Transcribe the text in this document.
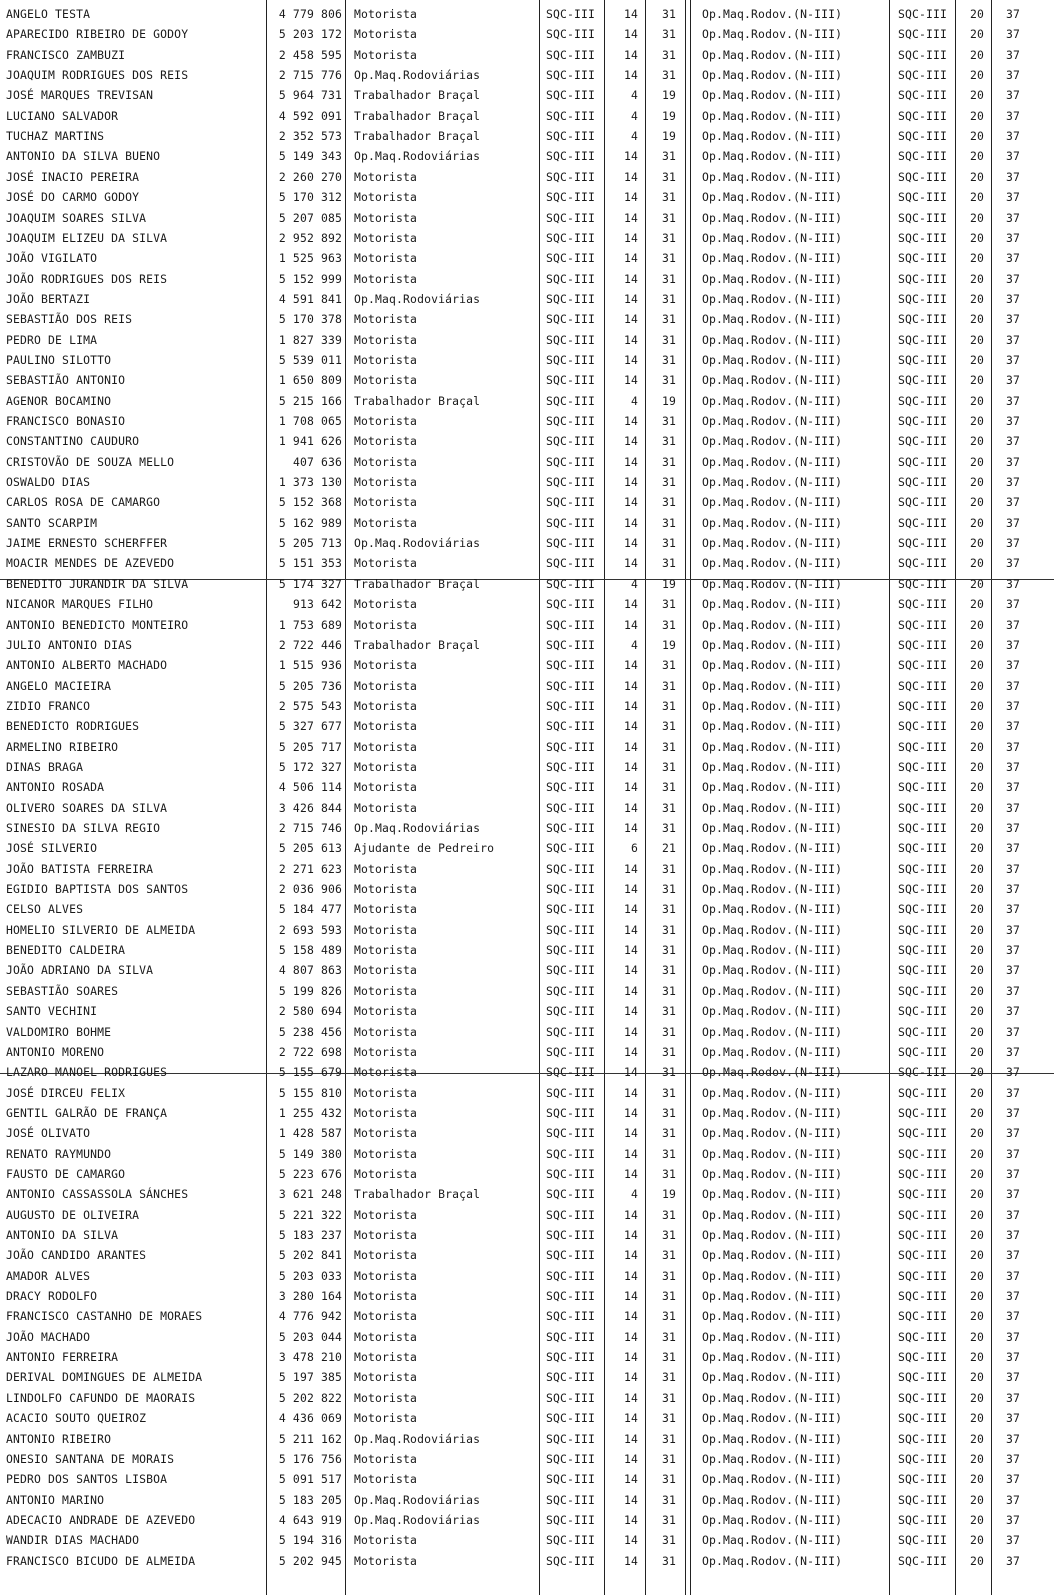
ANGELO TESTA	4 779 806 Motorista	SQC-III	14	31 Op.Maq.Rodov.(N-III)	SQC-III	20	37
APARECIDO RIBEIRO DE GODOY	5 203 172 Motorista	SQC-III	14	31 Op.Maq.Rodov.(N-III)	SQC-III	20	37
FRANCISCO ZAMBUZI	2 458 595 Motorista	SQC-III	14	31 Op.Maq.Rodov.(N-III)	SQC-III	20	37
JOAQUIM RODRIGUES DOS REIS	2 715 776 Op.Maq.Rodoviárias	SQC-III	14	31 Op.Maq.Rodov.(N-III)	SQC-III	20	37
JOSÉ MARQUES TREVISAN	5 964 731 Trabalhador Braçal	SQC-III	4	19 Op.Maq.Rodov.(N-III)	SQC-III	20	37
LUCIANO SALVADOR	4 592 091 Trabalhador Braçal	SQC-III	4	19 Op.Maq.Rodov.(N-III)	SQC-III	20	37
TUCHAZ MARTINS	2 352 573 Trabalhador Braçal	SQC-III	4	19 Op.Maq.Rodov.(N-III)	SQC-III	20	37
ANTONIO DA SILVA BUENO	5 149 343 Op.Maq.Rodoviárias	SQC-III	14	31 Op.Maq.Rodov.(N-III)	SQC-III	20	37
JOSÉ INACIO PEREIRA	2 260 270 Motorista	SQC-III	14	31 Op.Maq.Rodov.(N-III)	SQC-III	20	37
JOSÉ DO CARMO GODOY	5 170 312 Motorista	SQC-III	14	31 Op.Maq.Rodov.(N-III)	SQC-III	20	37
JOAQUIM SOARES SILVA	5 207 085 Motorista	SQC-III	14	31 Op.Maq.Rodov.(N-III)	SQC-III	20	37
JOAQUIM ELIZEU DA SILVA	2 952 892 Motorista	SQC-III	14	31 Op.Maq.Rodov.(N-III)	SQC-III	20	37
JOÃO VIGILATO	1 525 963 Motorista	SQC-III	14	31 Op.Maq.Rodov.(N-III)	SQC-III	20	37
JOÃO RODRIGUES DOS REIS	5 152 999 Motorista	SQC-III	14	31 Op.Maq.Rodov.(N-III)	SQC-III	20	37
JOÃO BERTAZI	4 591 841 Op.Maq.Rodoviárias	SQC-III	14	31 Op.Maq.Rodov.(N-III)	SQC-III	20	37
SEBASTIÃO DOS REIS	5 170 378 Motorista	SQC-III	14	31 Op.Maq.Rodov.(N-III)	SQC-III	20	37
PEDRO DE LIMA	1 827 339 Motorista	SQC-III	14	31 Op.Maq.Rodov.(N-III)	SQC-III	20	37
PAULINO SILOTTO	5 539 011 Motorista	SQC-III	14	31 Op.Maq.Rodov.(N-III)	SQC-III	20	37
SEBASTIÃO ANTONIO	1 650 809 Motorista	SQC-III	14	31 Op.Maq.Rodov.(N-III)	SQC-III	20	37
AGENOR BOCAMINO	5 215 166 Trabalhador Braçal	SQC-III	4	19 Op.Maq.Rodov.(N-III)	SQC-III	20	37
FRANCISCO BONASIO	1 708 065 Motorista	SQC-III	14	31 Op.Maq.Rodov.(N-III)	SQC-III	20	37
CONSTANTINO CAUDURO	1 941 626 Motorista	SQC-III	14	31 Op.Maq.Rodov.(N-III)	SQC-III	20	37
CRISTOVÃO DE SOUZA MELLO	407 636 Motorista	SQC-III	14	31 Op.Maq.Rodov.(N-III)	SQC-III	20	37
OSWALDO DIAS	1 373 130 Motorista	SQC-III	14	31 Op.Maq.Rodov.(N-III)	SQC-III	20	37
CARLOS ROSA DE CAMARGO	5 152 368 Motorista	SQC-III	14	31 Op.Maq.Rodov.(N-III)	SQC-III	20	37
SANTO SCARPIM	5 162 989 Motorista	SQC-III	14	31 Op.Maq.Rodov.(N-III)	SQC-III	20	37
JAIME ERNESTO SCHERFFER	5 205 713 Op.Maq.Rodoviárias	SQC-III	14	31 Op.Maq.Rodov.(N-III)	SQC-III	20	37
MOACIR MENDES DE AZEVEDO	5 151 353 Motorista	SQC-III	14	31 Op.Maq.Rodov.(N-III)	SQC-III	20	37
BENEDITO JURANDIR DA SILVA	5 174 327 Trabalhador Braçal	SQC-III	4	19 Op.Maq.Rodov.(N-III)	SQC-III	20	37
NICANOR MARQUES FILHO	913 642 Motorista	SQC-III	14	31 Op.Maq.Rodov.(N-III)	SQC-III	20	37
ANTONIO BENEDICTO MONTEIRO	1 753 689 Motorista	SQC-III	14	31 Op.Maq.Rodov.(N-III)	SQC-III	20	37
JULIO ANTONIO DIAS	2 722 446 Trabalhador Braçal	SQC-III	4	19 Op.Maq.Rodov.(N-III)	SQC-III	20	37
ANTONIO ALBERTO MACHADO	1 515 936 Motorista	SQC-III	14	31 Op.Maq.Rodov.(N-III)	SQC-III	20	37
ANGELO MACIEIRA	5 205 736 Motorista	SQC-III	14	31 Op.Maq.Rodov.(N-III)	SQC-III	20	37
ZIDIO FRANCO	2 575 543 Motorista	SQC-III	14	31 Op.Maq.Rodov.(N-III)	SQC-III	20	37
BENEDICTO RODRIGUES	5 327 677 Motorista	SQC-III	14	31 Op.Maq.Rodov.(N-III)	SQC-III	20	37
ARMELINO RIBEIRO	5 205 717 Motorista	SQC-III	14	31 Op.Maq.Rodov.(N-III)	SQC-III	20	37
DINAS BRAGA	5 172 327 Motorista	SQC-III	14	31 Op.Maq.Rodov.(N-III)	SQC-III	20	37
ANTONIO ROSADA	4 506 114 Motorista	SQC-III	14	31 Op.Maq.Rodov.(N-III)	SQC-III	20	37
OLIVERO SOARES DA SILVA	3 426 844 Motorista	SQC-III	14	31 Op.Maq.Rodov.(N-III)	SQC-III	20	37
SINESIO DA SILVA REGIO	2 715 746 Op.Maq.Rodoviárias	SQC-III	14	31 Op.Maq.Rodov.(N-III)	SQC-III	20	37
JOSÉ SILVERIO	5 205 613 Ajudante de Pedreiro	SQC-III	6	21 Op.Maq.Rodov.(N-III)	SQC-III	20	37
JOÃO BATISTA FERREIRA	2 271 623 Motorista	SQC-III	14	31 Op.Maq.Rodov.(N-III)	SQC-III	20	37
EGIDIO BAPTISTA DOS SANTOS	2 036 906 Motorista	SQC-III	14	31 Op.Maq.Rodov.(N-III)	SQC-III	20	37
CELSO ALVES	5 184 477 Motorista	SQC-III	14	31 Op.Maq.Rodov.(N-III)	SQC-III	20	37
HOMELIO SILVERIO DE ALMEIDA	2 693 593 Motorista	SQC-III	14	31 Op.Maq.Rodov.(N-III)	SQC-III	20	37
BENEDITO CALDEIRA	5 158 489 Motorista	SQC-III	14	31 Op.Maq.Rodov.(N-III)	SQC-III	20	37
JOÃO ADRIANO DA SILVA	4 807 863 Motorista	SQC-III	14	31 Op.Maq.Rodov.(N-III)	SQC-III	20	37
SEBASTIÃO SOARES	5 199 826 Motorista	SQC-III	14	31 Op.Maq.Rodov.(N-III)	SQC-III	20	37
SANTO VECHINI	2 580 694 Motorista	SQC-III	14	31 Op.Maq.Rodov.(N-III)	SQC-III	20	37
VALDOMIRO BOHME	5 238 456 Motorista	SQC-III	14	31 Op.Maq.Rodov.(N-III)	SQC-III	20	37
ANTONIO MORENO	2 722 698 Motorista	SQC-III	14	31 Op.Maq.Rodov.(N-III)	SQC-III	20	37
LAZARO MANOEL RODRIGUES	5 155 679 Motorista	SQC-III	14	31 Op.Maq.Rodov.(N-III)	SQC-III	20	37
JOSÉ DIRCEU FELIX	5 155 810 Motorista	SQC-III	14	31 Op.Maq.Rodov.(N-III)	SQC-III	20	37
GENTIL GALRÃO DE FRANÇA	1 255 432 Motorista	SQC-III	14	31 Op.Maq.Rodov.(N-III)	SQC-III	20	37
JOSÉ OLIVATO	1 428 587 Motorista	SQC-III	14	31 Op.Maq.Rodov.(N-III)	SQC-III	20	37
RENATO RAYMUNDO	5 149 380 Motorista	SQC-III	14	31 Op.Maq.Rodov.(N-III)	SQC-III	20	37
FAUSTO DE CAMARGO	5 223 676 Motorista	SQC-III	14	31 Op.Maq.Rodov.(N-III)	SQC-III	20	37
ANTONIO CASSASSOLA SÁNCHES	3 621 248 Trabalhador Braçal	SQC-III	4	19 Op.Maq.Rodov.(N-III)	SQC-III	20	37
AUGUSTO DE OLIVEIRA	5 221 322 Motorista	SQC-III	14	31 Op.Maq.Rodov.(N-III)	SQC-III	20	37
ANTONIO DA SILVA	5 183 237 Motorista	SQC-III	14	31 Op.Maq.Rodov.(N-III)	SQC-III	20	37
JOÃO CANDIDO ARANTES	5 202 841 Motorista	SQC-III	14	31 Op.Maq.Rodov.(N-III)	SQC-III	20	37
AMADOR ALVES	5 203 033 Motorista	SQC-III	14	31 Op.Maq.Rodov.(N-III)	SQC-III	20	37
DRACY RODOLFO	3 280 164 Motorista	SQC-III	14	31 Op.Maq.Rodov.(N-III)	SQC-III	20	37
FRANCISCO CASTANHO DE MORAES	4 776 942 Motorista	SQC-III	14	31 Op.Maq.Rodov.(N-III)	SQC-III	20	37
JOÃO MACHADO	5 203 044 Motorista	SQC-III	14	31 Op.Maq.Rodov.(N-III)	SQC-III	20	37
ANTONIO FERREIRA	3 478 210 Motorista	SQC-III	14	31 Op.Maq.Rodov.(N-III)	SQC-III	20	37
DERIVAL DOMINGUES DE ALMEIDA	5 197 385 Motorista	SQC-III	14	31 Op.Maq.Rodov.(N-III)	SQC-III	20	37
LINDOLFO CAFUNDO DE MAORAIS	5 202 822 Motorista	SQC-III	14	31 Op.Maq.Rodov.(N-III)	SQC-III	20	37
ACACIO SOUTO QUEIROZ	4 436 069 Motorista	SQC-III	14	31 Op.Maq.Rodov.(N-III)	SQC-III	20	37
ANTONIO RIBEIRO	5 211 162 Op.Maq.Rodoviárias	SQC-III	14	31 Op.Maq.Rodov.(N-III)	SQC-III	20	37
ONESIO SANTANA DE MORAIS	5 176 756 Motorista	SQC-III	14	31 Op.Maq.Rodov.(N-III)	SQC-III	20	37
PEDRO DOS SANTOS LISBOA	5 091 517 Motorista	SQC-III	14	31 Op.Maq.Rodov.(N-III)	SQC-III	20	37
ANTONIO MARINO	5 183 205 Op.Maq.Rodoviárias	SQC-III	14	31 Op.Maq.Rodov.(N-III)	SQC-III	20	37
ADECACIO ANDRADE DE AZEVEDO	4 643 919 Op.Maq.Rodoviárias	SQC-III	14	31 Op.Maq.Rodov.(N-III)	SQC-III	20	37
WANDIR DIAS MACHADO	5 194 316 Motorista	SQC-III	14	31 Op.Maq.Rodov.(N-III)	SQC-III	20	37
FRANCISCO BICUDO DE ALMEIDA	5 202 945 Motorista	SQC-III	14	31 Op.Maq.Rodov.(N-III)	SQC-III	20	37
